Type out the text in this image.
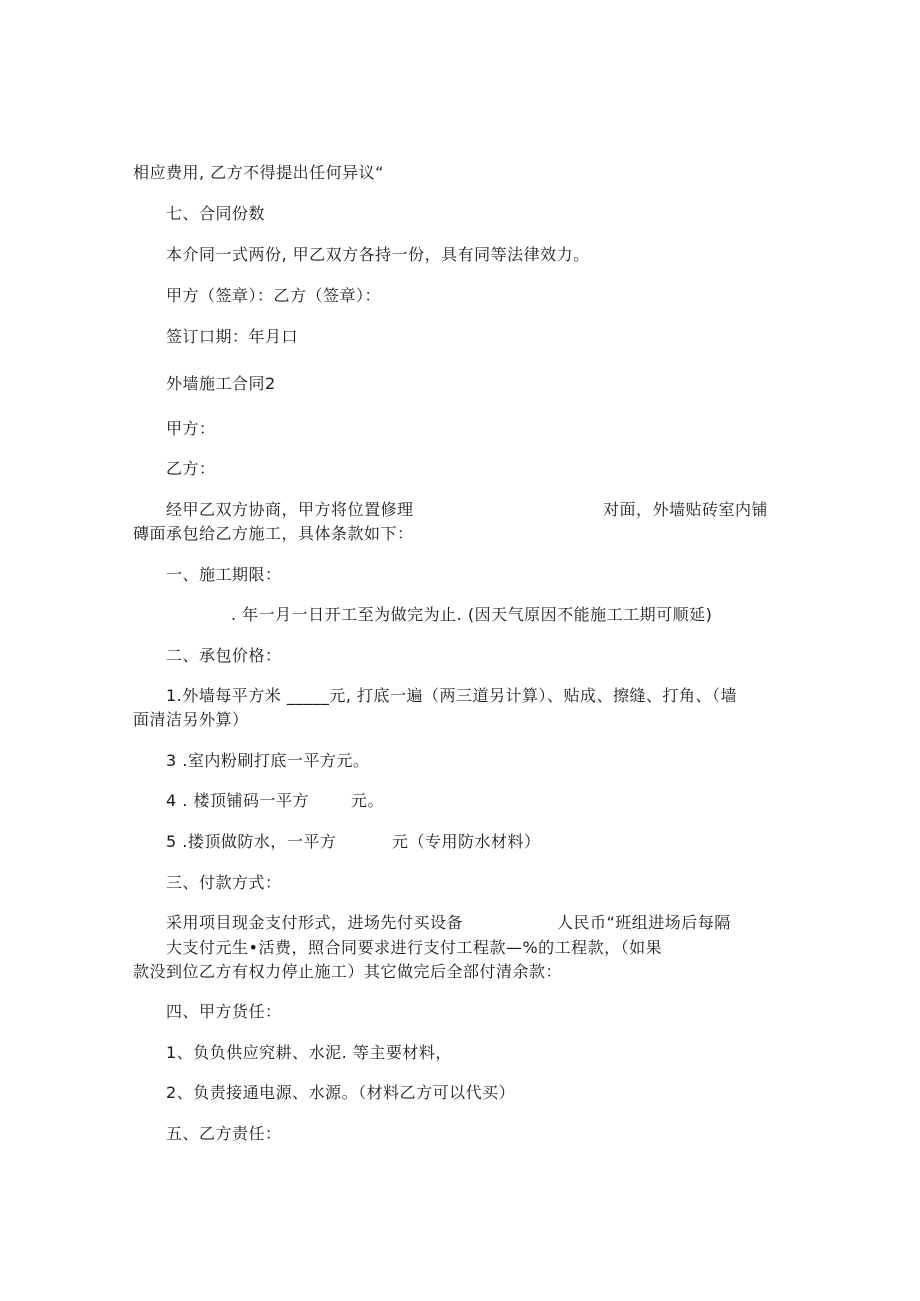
相应费用, 乙方不得提出任何异议“
七、合同份数
本介同一式两份, 甲乙双方各持一份，具有同等法律效力。
甲方（签章）：乙方（签章）：
签订口期：年月口
外墙施工合同2
甲方：
乙方：
经甲乙双方协商，甲方将位置修理	对面，外墙贴砖室内铺
磚面承包给乙方施工，具体条款如下：
一、施工期限：
. 年一月一日开工至为做完为止. (因天气原因不能施工工期可顺延)
二、承包价格：
1.外墙每平方米 _____元, 打底一遍（两三道另计算）、贴成、擦缝、打角、（墙
面清洁另外算）
3 .室内粉刷打底一平方元。
4 . 楼顶铺码一平方	元。
5 .搂顶做防水，一平方	元（专用防水材料）
三、付款方式：
采用项目现金支付形式，进场先付买设备	人民币“班组进场后每隔
大支付元生•活费，照合同要求进行支付工程款—%的工程款，（如果
款没到位乙方有权力停止施工）其它做完后全部付清余款：
四、甲方货任：
1、负负供应究耕、水泥. 等主要材料，
2、负责接通电源、水源。（材料乙方可以代买）
五、乙方责任：
